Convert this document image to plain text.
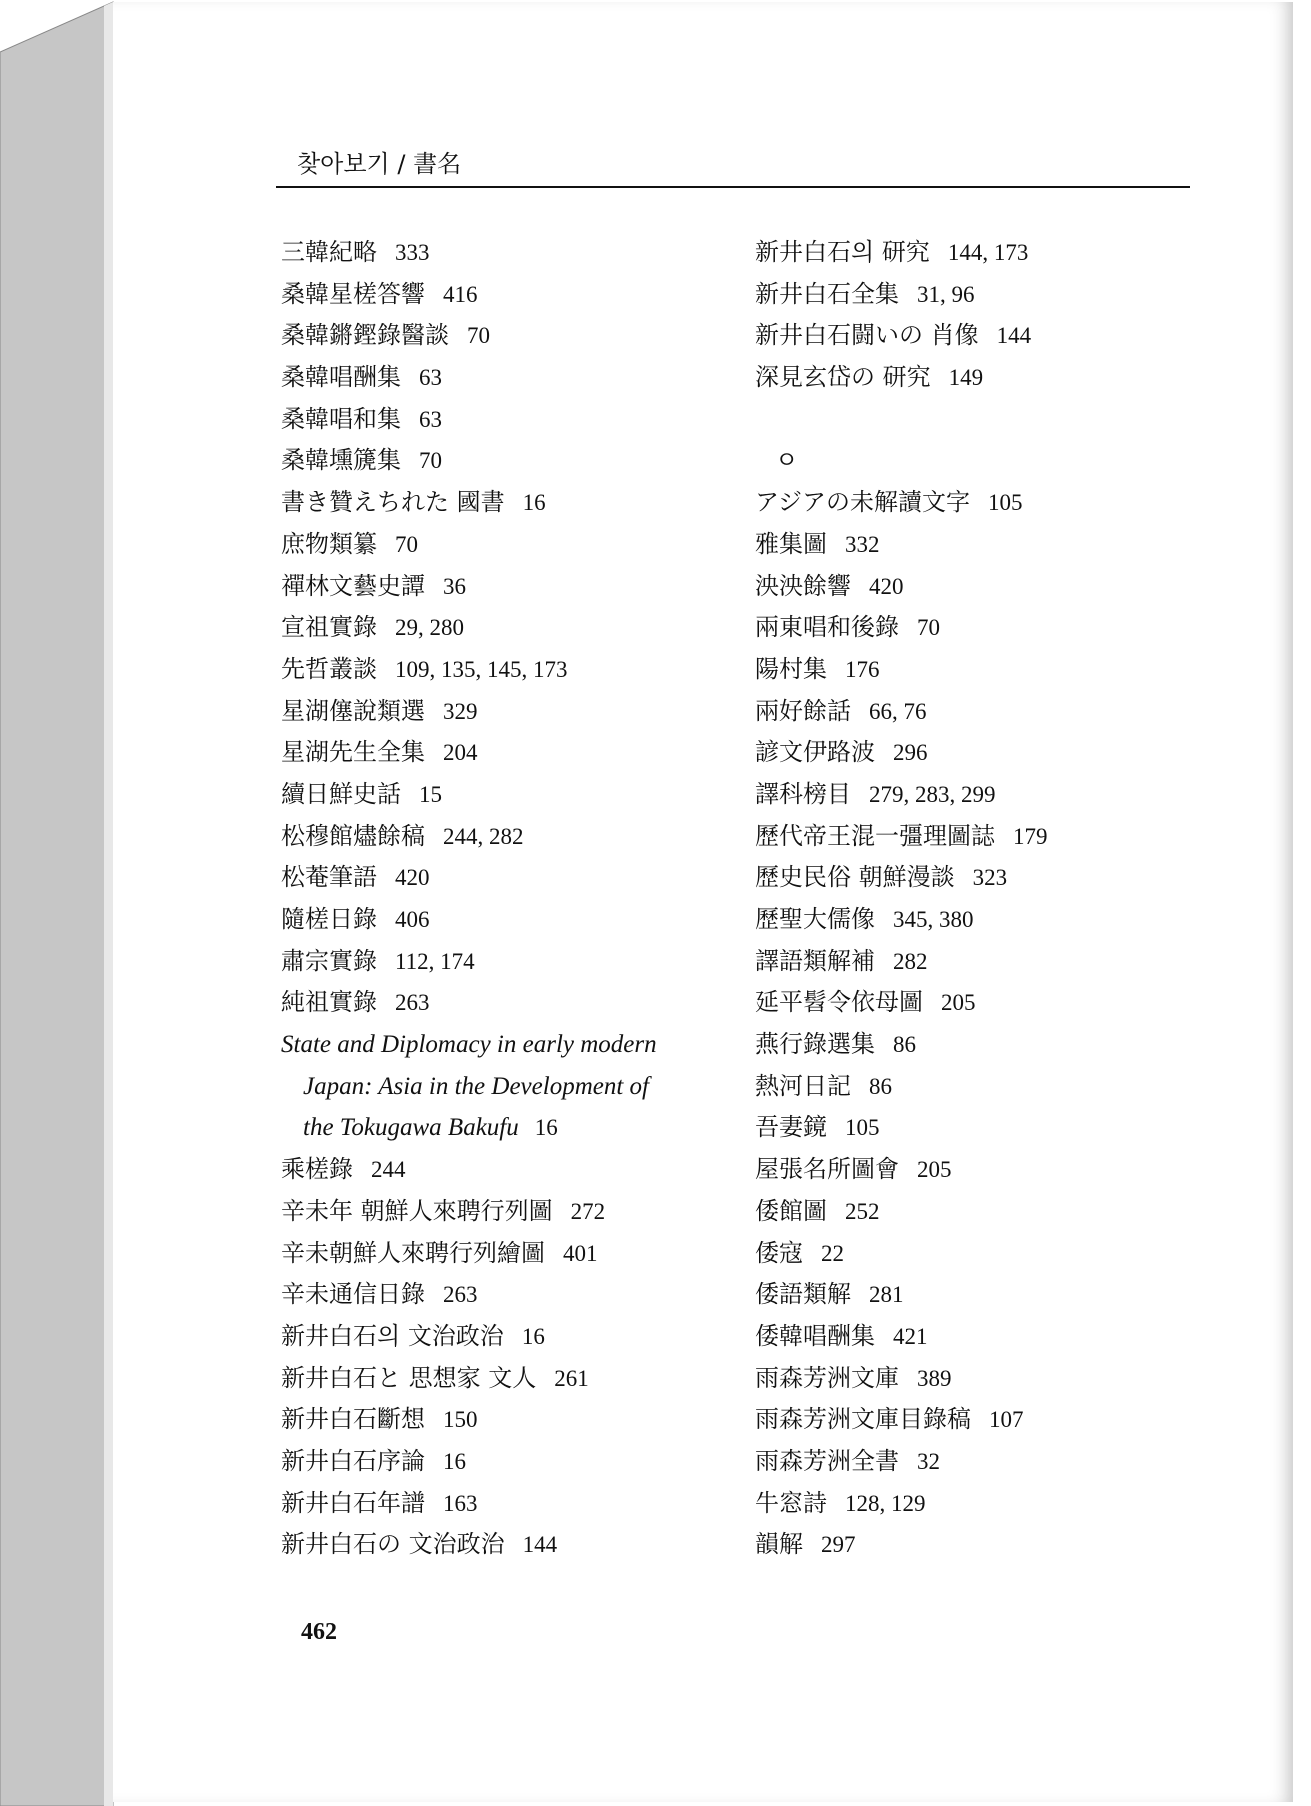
찾아보기 / 書名
三韓紀略 333
桑韓星槎答響 416
桑韓鏘鏗錄醫談 70
桑韓唱酬集 63
桑韓唱和集 63
桑韓壎篪集 70
書き贊えちれた 國書 16
庶物類纂 70
禪林文藝史譚 36
宣祖實錄 29, 280
先哲叢談 109, 135, 145, 173
星湖僿說類選 329
星湖先生全集 204
續日鮮史話 15
松穆館燼餘稿 244, 282
松菴筆語 420
隨槎日錄 406
肅宗實錄 112, 174
純祖實錄 263
State and Diplomacy in early modern
Japan: Asia in the Development of
the Tokugawa Bakufu 16
乘槎錄 244
辛未年 朝鮮人來聘行列圖 272
辛未朝鮮人來聘行列繪圖 401
辛未通信日錄 263
新井白石의 文治政治 16
新井白石と 思想家 文人 261
新井白石斷想 150
新井白石序論 16
新井白石年譜 163
新井白石の 文治政治 144
新井白石의 研究 144, 173
新井白石全集 31, 96
新井白石闘いの 肖像 144
深見玄岱の 研究 149
ㅇ
アジアの未解讀文字 105
雅集圖 332
泱泱餘響 420
兩東唱和後錄 70
陽村集 176
兩好餘話 66, 76
諺文伊路波 296
譯科榜目 279, 283, 299
歷代帝王混一彊理圖誌 179
歷史民俗 朝鮮漫談 323
歷聖大儒像 345, 380
譯語類解補 282
延平髫令依母圖 205
燕行錄選集 86
熱河日記 86
吾妻鏡 105
屋張名所圖會 205
倭館圖 252
倭寇 22
倭語類解 281
倭韓唱酬集 421
雨森芳洲文庫 389
雨森芳洲文庫目錄稿 107
雨森芳洲全書 32
牛窓詩 128, 129
韻解 297
462
